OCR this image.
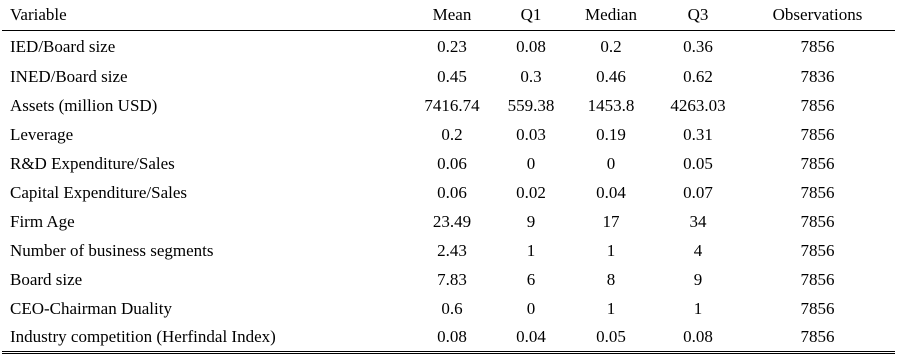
Variable	Mean	Q1	Median	Q3	Observations
IED/Board size	0.23	0.08	0.2	0.36	7856
INED/Board size	0.45	0.3	0.46	0.62	7836
Assets (million USD)	7416.74	559.38	1453.8	4263.03	7856
Leverage	0.2	0.03	0.19	0.31	7856
R&D Expenditure/Sales	0.06	0	0	0.05	7856
Capital Expenditure/Sales	0.06	0.02	0.04	0.07	7856
Firm Age	23.49	9	17	34	7856
Number of business segments	2.43	1	1	4	7856
Board size	7.83	6	8	9	7856
CEO-Chairman Duality	0.6	0	1	1	7856
Industry competition (Herfindal Index)	0.08	0.04	0.05	0.08	7856
